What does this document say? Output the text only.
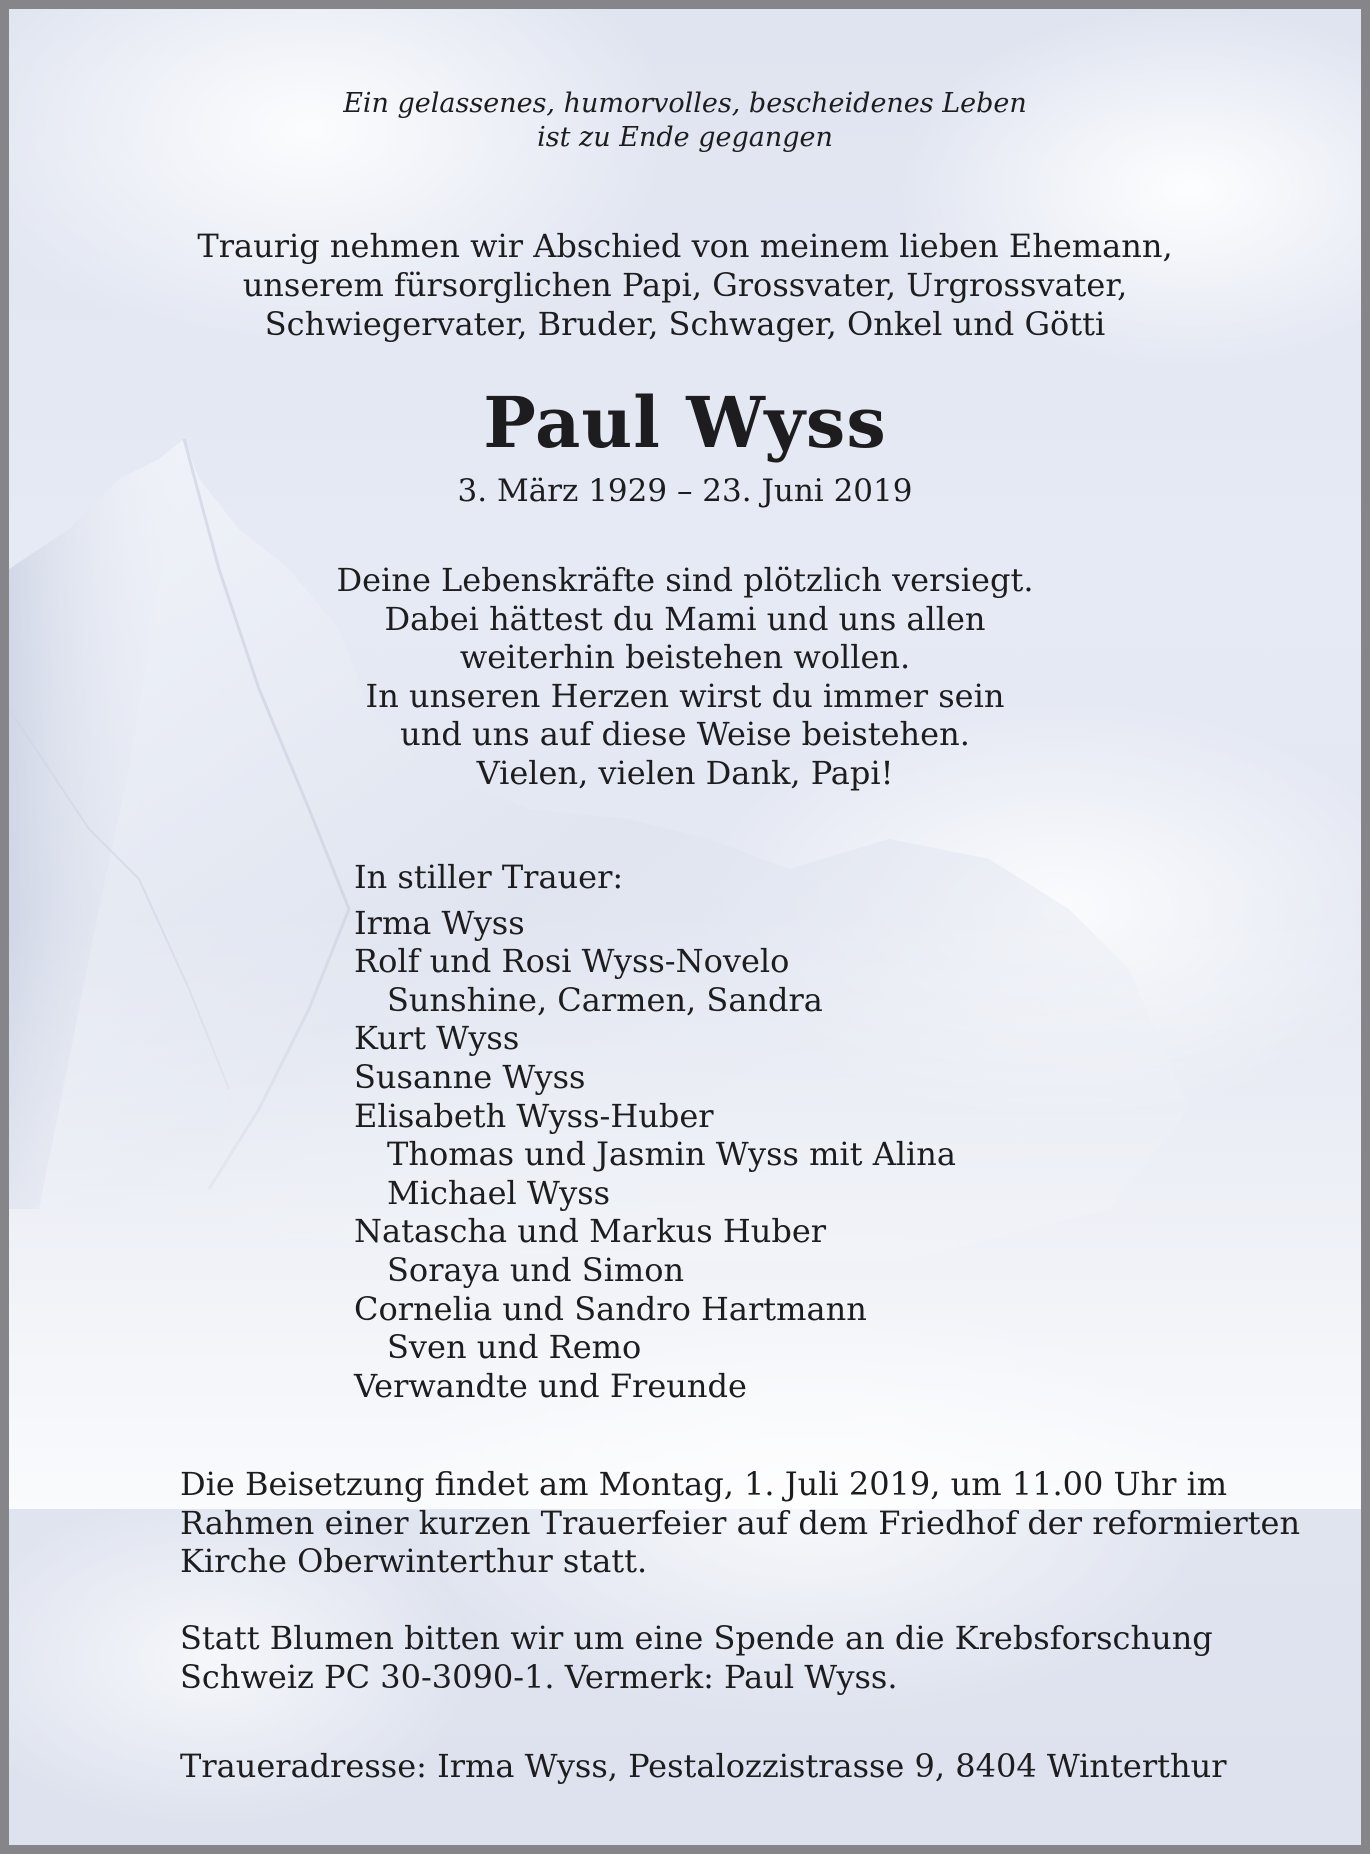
Ein gelassenes, humorvolles, bescheidenes Leben
ist zu Ende gegangen
Traurig nehmen wir Abschied von meinem lieben Ehemann,
unserem fürsorglichen Papi, Grossvater, Urgrossvater,
Schwiegervater, Bruder, Schwager, Onkel und Götti
Paul Wyss
3. März 1929 – 23. Juni 2019
Deine Lebenskräfte sind plötzlich versiegt.
Dabei hättest du Mami und uns allen
weiterhin beistehen wollen.
In unseren Herzen wirst du immer sein
und uns auf diese Weise beistehen.
Vielen, vielen Dank, Papi!
In stiller Trauer:
Irma Wyss
Rolf und Rosi Wyss-Novelo
Sunshine, Carmen, Sandra
Kurt Wyss
Susanne Wyss
Elisabeth Wyss-Huber
Thomas und Jasmin Wyss mit Alina
Michael Wyss
Natascha und Markus Huber
Soraya und Simon
Cornelia und Sandro Hartmann
Sven und Remo
Verwandte und Freunde
Die Beisetzung findet am Montag, 1. Juli 2019, um 11.00 Uhr im
Rahmen einer kurzen Trauerfeier auf dem Friedhof der reformierten
Kirche Oberwinterthur statt.
Statt Blumen bitten wir um eine Spende an die Krebsforschung
Schweiz PC 30-3090-1. Vermerk: Paul Wyss.
Traueradresse: Irma Wyss, Pestalozzistrasse 9, 8404 Winterthur
